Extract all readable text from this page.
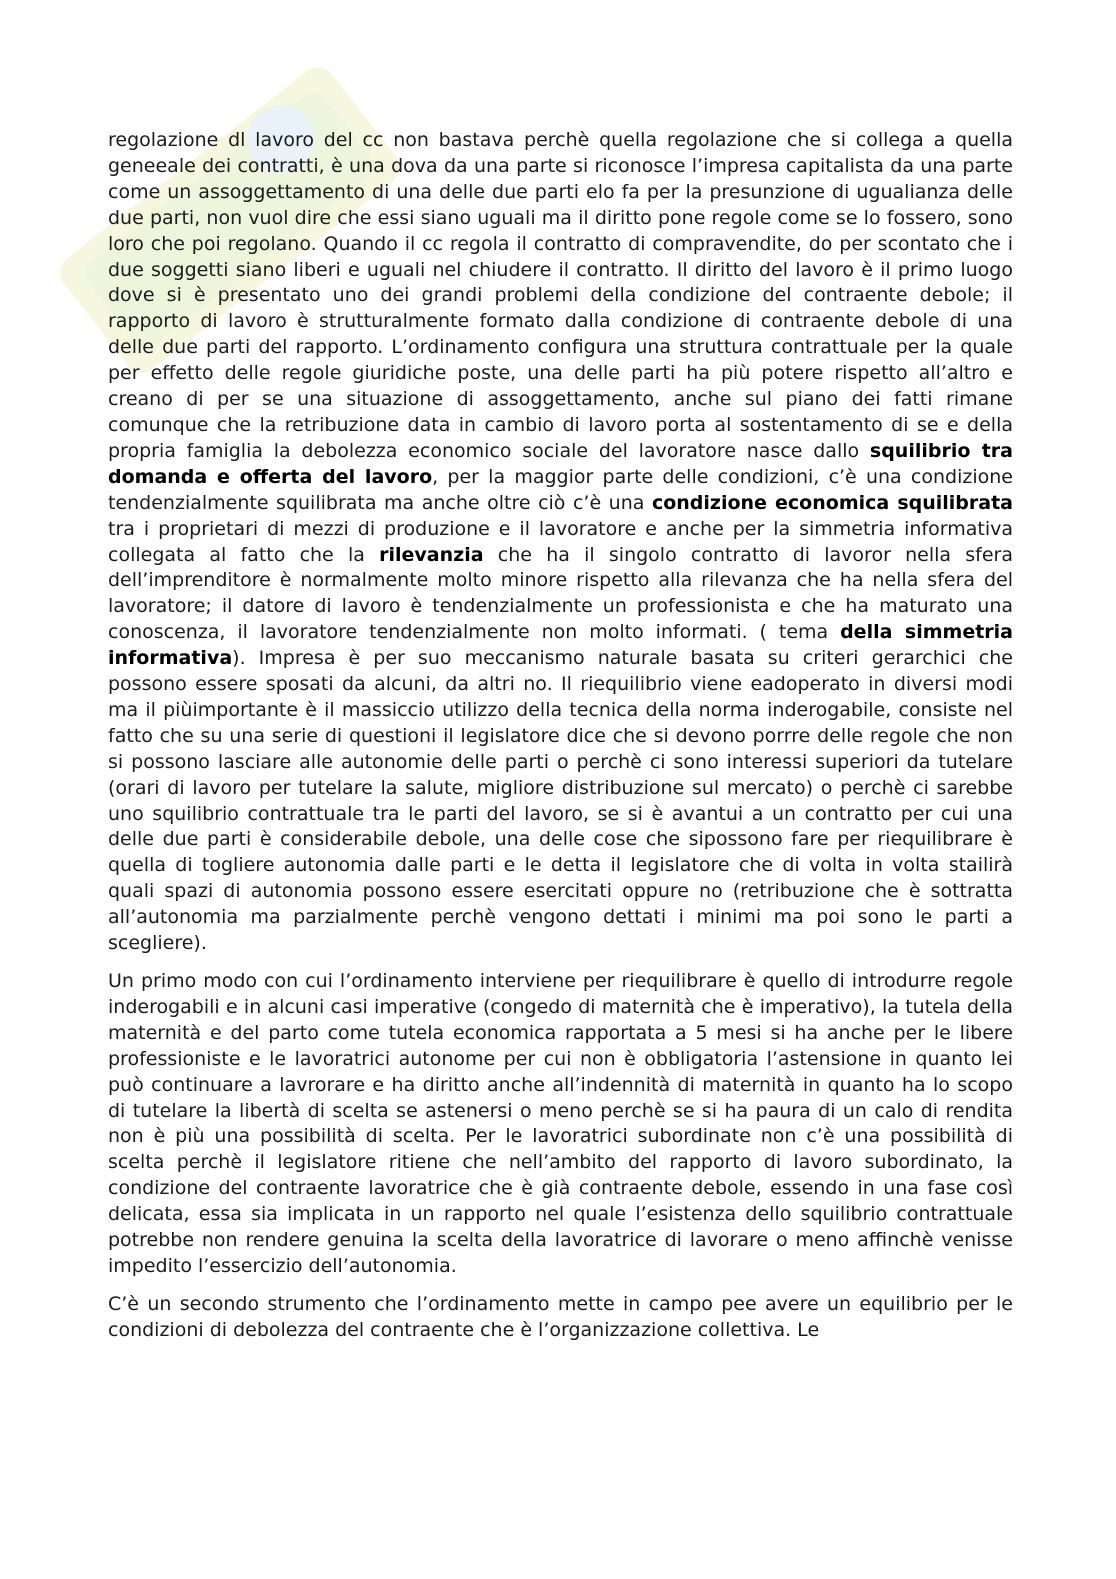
regolazione dl lavoro del cc non bastava perchè quella regolazione che si collega a quella geneeale dei contratti, è una dova da una parte si riconosce l’impresa capitalista da una parte come un assoggettamento di una delle due parti elo fa per la presunzione di ugualianza delle due parti, non vuol dire che essi siano uguali ma il diritto pone regole come se lo fossero, sono loro che poi regolano. Quando il cc regola il contratto di compravendite, do per scontato che i due soggetti siano liberi e uguali nel chiudere il contratto. Il diritto del lavoro è il primo luogo dove si è presentato uno dei grandi problemi della condizione del contraente debole; il rapporto di lavoro è strutturalmente formato dalla condizione di contraente debole di una delle due parti del rapporto. L’ordinamento configura una struttura contrattuale per la quale per effetto delle regole giuridiche poste, una delle parti ha più potere rispetto all’altro e creano di per se una situazione di assoggettamento, anche sul piano dei fatti rimane comunque che la retribuzione data in cambio di lavoro porta al sostentamento di se e della propria famiglia la debolezza economico sociale del lavoratore nasce dallo squilibrio tra domanda e offerta del lavoro, per la maggior parte delle condizioni, c’è una condizione tendenzialmente squilibrata ma anche oltre ciò c’è una condizione economica squilibrata tra i proprietari di mezzi di produzione e il lavoratore e anche per la simmetria informativa collegata al fatto che la rilevanzia che ha il singolo contratto di lavoror nella sfera dell’imprenditore è normalmente molto minore rispetto alla rilevanza che ha nella sfera del lavoratore; il datore di lavoro è tendenzialmente un professionista e che ha maturato una conoscenza, il lavoratore tendenzialmente non molto informati. ( tema della simmetria informativa). Impresa è per suo meccanismo naturale basata su criteri gerarchici che possono essere sposati da alcuni, da altri no. Il riequilibrio viene eadoperato in diversi modi ma il piùimportante è il massiccio utilizzo della tecnica della norma inderogabile, consiste nel fatto che su una serie di questioni il legislatore dice che si devono porrre delle regole che non si possono lasciare alle autonomie delle parti o perchè ci sono interessi superiori da tutelare (orari di lavoro per tutelare la salute, migliore distribuzione sul mercato) o perchè ci sarebbe uno squilibrio contrattuale tra le parti del lavoro, se si è avantui a un contratto per cui una delle due parti è considerabile debole, una delle cose che sipossono fare per riequilibrare è quella di togliere autonomia dalle parti e le detta il legislatore che di volta in volta stailirà quali spazi di autonomia possono essere esercitati oppure no (retribuzione che è sottratta all’autonomia ma parzialmente perchè vengono dettati i minimi ma poi sono le parti a scegliere).

Un primo modo con cui l’ordinamento interviene per riequilibrare è quello di introdurre regole inderogabili e in alcuni casi imperative (congedo di maternità che è imperativo), la tutela della maternità e del parto come tutela economica rapportata a 5 mesi si ha anche per le libere professioniste e le lavoratrici autonome per cui non è obbligatoria l’astensione in quanto lei può continuare a lavrorare e ha diritto anche all’indennità di maternità in quanto ha lo scopo di tutelare la libertà di scelta se astenersi o meno perchè se si ha paura di un calo di rendita non è più una possibilità di scelta. Per le lavoratrici subordinate non c’è una possibilità di scelta perchè il legislatore ritiene che nell’ambito del rapporto di lavoro subordinato, la condizione del contraente lavoratrice che è già contraente debole, essendo in una fase così delicata, essa sia implicata in un rapporto nel quale l’esistenza dello squilibrio contrattuale potrebbe non rendere genuina la scelta della lavoratrice di lavorare o meno affinchè venisse impedito l’essercizio dell’autonomia.

C’è un secondo strumento che l’ordinamento mette in campo pee avere un equilibrio per le condizioni di debolezza del contraente che è l’organizzazione collettiva. Le
